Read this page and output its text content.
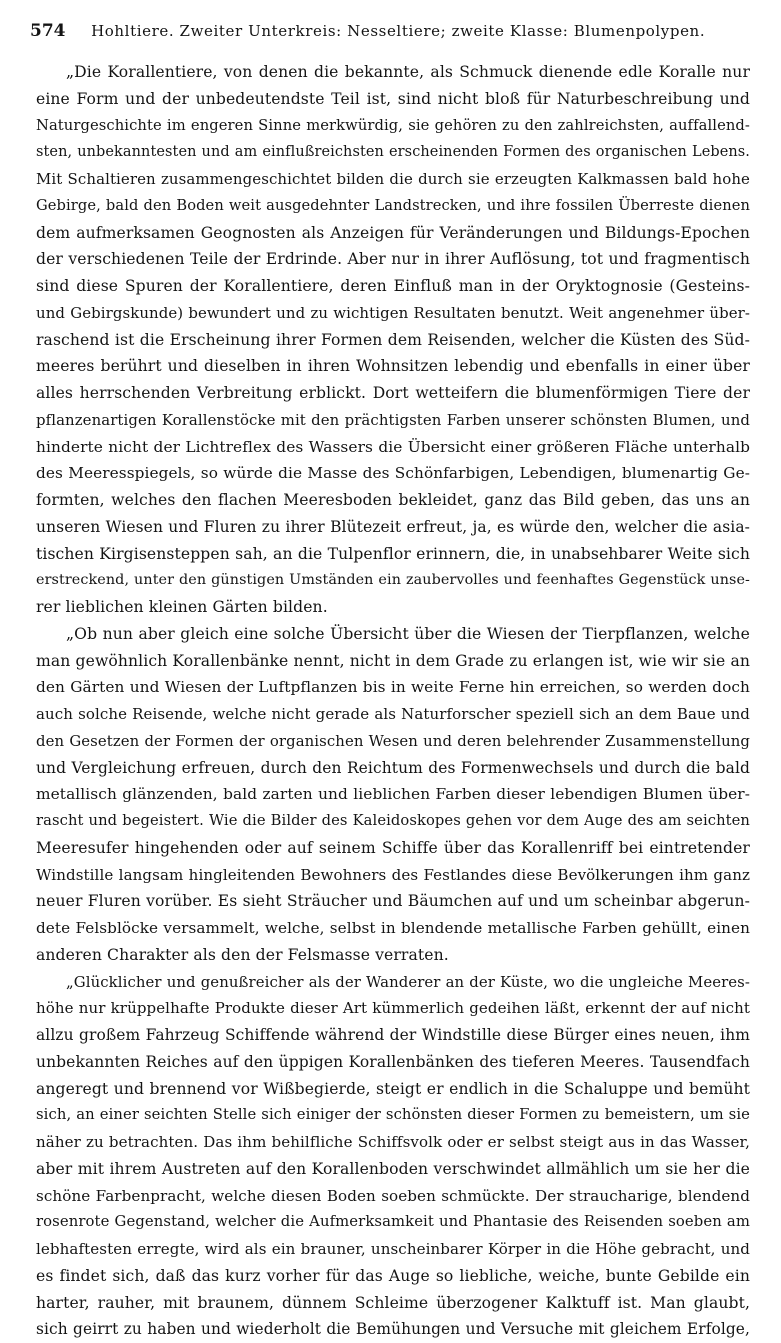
574 Hohltiere. Zweiter Unterkreis: Nesseltiere; zweite Klasse: Blumenpolypen.
„Die Korallentiere, von denen die bekannte, als Schmuck dienende edle Koralle nur
eine Form und der unbedeutendste Teil ist, sind nicht bloß für Naturbeschreibung und
Naturgeschichte im engeren Sinne merkwürdig, sie gehören zu den zahlreichsten, auffallend-
sten, unbekanntesten und am einflußreichsten erscheinenden Formen des organischen Lebens.
Mit Schaltieren zusammengeschichtet bilden die durch sie erzeugten Kalkmassen bald hohe
Gebirge, bald den Boden weit ausgedehnter Landstrecken, und ihre fossilen Überreste dienen
dem aufmerksamen Geognosten als Anzeigen für Veränderungen und Bildungs-Epochen
der verschiedenen Teile der Erdrinde. Aber nur in ihrer Auflösung, tot und fragmentisch
sind diese Spuren der Korallentiere, deren Einfluß man in der Oryktognosie (Gesteins-
und Gebirgskunde) bewundert und zu wichtigen Resultaten benutzt. Weit angenehmer über-
raschend ist die Erscheinung ihrer Formen dem Reisenden, welcher die Küsten des Süd-
meeres berührt und dieselben in ihren Wohnsitzen lebendig und ebenfalls in einer über
alles herrschenden Verbreitung erblickt. Dort wetteifern die blumenförmigen Tiere der
pflanzenartigen Korallenstöcke mit den prächtigsten Farben unserer schönsten Blumen, und
hinderte nicht der Lichtreflex des Wassers die Übersicht einer größeren Fläche unterhalb
des Meeresspiegels, so würde die Masse des Schönfarbigen, Lebendigen, blumenartig Ge-
formten, welches den flachen Meeresboden bekleidet, ganz das Bild geben, das uns an
unseren Wiesen und Fluren zu ihrer Blütezeit erfreut, ja, es würde den, welcher die asia-
tischen Kirgisensteppen sah, an die Tulpenflor erinnern, die, in unabsehbarer Weite sich
erstreckend, unter den günstigen Umständen ein zaubervolles und feenhaftes Gegenstück unse-
rer lieblichen kleinen Gärten bilden.
„Ob nun aber gleich eine solche Übersicht über die Wiesen der Tierpflanzen, welche
man gewöhnlich Korallenbänke nennt, nicht in dem Grade zu erlangen ist, wie wir sie an
den Gärten und Wiesen der Luftpflanzen bis in weite Ferne hin erreichen, so werden doch
auch solche Reisende, welche nicht gerade als Naturforscher speziell sich an dem Baue und
den Gesetzen der Formen der organischen Wesen und deren belehrender Zusammenstellung
und Vergleichung erfreuen, durch den Reichtum des Formenwechsels und durch die bald
metallisch glänzenden, bald zarten und lieblichen Farben dieser lebendigen Blumen über-
rascht und begeistert. Wie die Bilder des Kaleidoskopes gehen vor dem Auge des am seichten
Meeresufer hingehenden oder auf seinem Schiffe über das Korallenriff bei eintretender
Windstille langsam hingleitenden Bewohners des Festlandes diese Bevölkerungen ihm ganz
neuer Fluren vorüber. Es sieht Sträucher und Bäumchen auf und um scheinbar abgerun-
dete Felsblöcke versammelt, welche, selbst in blendende metallische Farben gehüllt, einen
anderen Charakter als den der Felsmasse verraten.
„Glücklicher und genußreicher als der Wanderer an der Küste, wo die ungleiche Meeres-
höhe nur krüppelhafte Produkte dieser Art kümmerlich gedeihen läßt, erkennt der auf nicht
allzu großem Fahrzeug Schiffende während der Windstille diese Bürger eines neuen, ihm
unbekannten Reiches auf den üppigen Korallenbänken des tieferen Meeres. Tausendfach
angeregt und brennend vor Wißbegierde, steigt er endlich in die Schaluppe und bemüht
sich, an einer seichten Stelle sich einiger der schönsten dieser Formen zu bemeistern, um sie
näher zu betrachten. Das ihm behilfliche Schiffsvolk oder er selbst steigt aus in das Wasser,
aber mit ihrem Austreten auf den Korallenboden verschwindet allmählich um sie her die
schöne Farbenpracht, welche diesen Boden soeben schmückte. Der straucharige, blendend
rosenrote Gegenstand, welcher die Aufmerksamkeit und Phantasie des Reisenden soeben am
lebhaftesten erregte, wird als ein brauner, unscheinbarer Körper in die Höhe gebracht, und
es findet sich, daß das kurz vorher für das Auge so liebliche, weiche, bunte Gebilde ein
harter, rauher, mit braunem, dünnem Schleime überzogener Kalktuff ist. Man glaubt,
sich geirrt zu haben und wiederholt die Bemühungen und Versuche mit gleichem Erfolge,
